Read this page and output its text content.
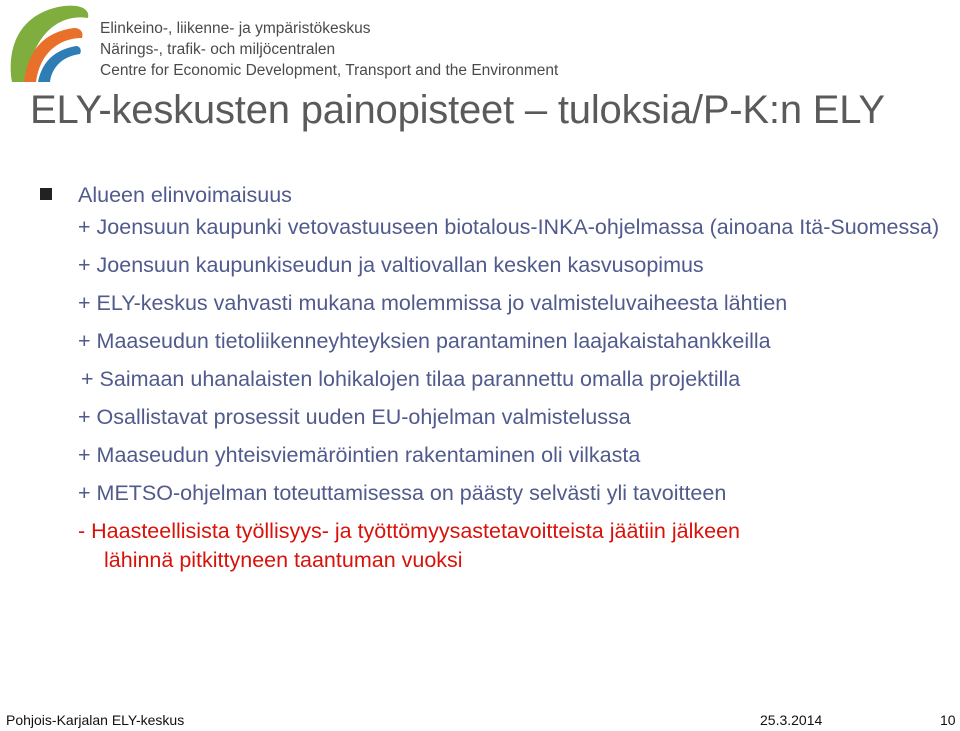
Elinkeino-, liikenne- ja ympäristökeskus
Närings-, trafik- och miljöcentralen
Centre for Economic Development, Transport and the Environment
ELY-keskusten painopisteet – tuloksia/P-K:n ELY
Alueen elinvoimaisuus
+ Joensuun kaupunki vetovastuuseen biotalous-INKA-ohjelmassa (ainoana Itä-Suomessa)
+ Joensuun kaupunkiseudun ja valtiovallan kesken kasvusopimus
+ ELY-keskus vahvasti mukana molemmissa jo valmisteluvaiheesta lähtien
+ Maaseudun tietoliikenneyhteyksien parantaminen laajakaistahankkeilla
+ Saimaan uhanalaisten lohikalojen tilaa parannettu omalla projektilla
+ Osallistavat prosessit uuden EU-ohjelman valmistelussa
+ Maaseudun yhteisviemäröintien rakentaminen oli vilkasta
+ METSO-ohjelman toteuttamisessa on päästy selvästi yli tavoitteen
- Haasteellisista työllisyys- ja työttömyysastetavoitteista jäätiin jälkeen
lähinnä pitkittyneen taantuman vuoksi
Pohjois-Karjalan ELY-keskus	25.3.2014	10
